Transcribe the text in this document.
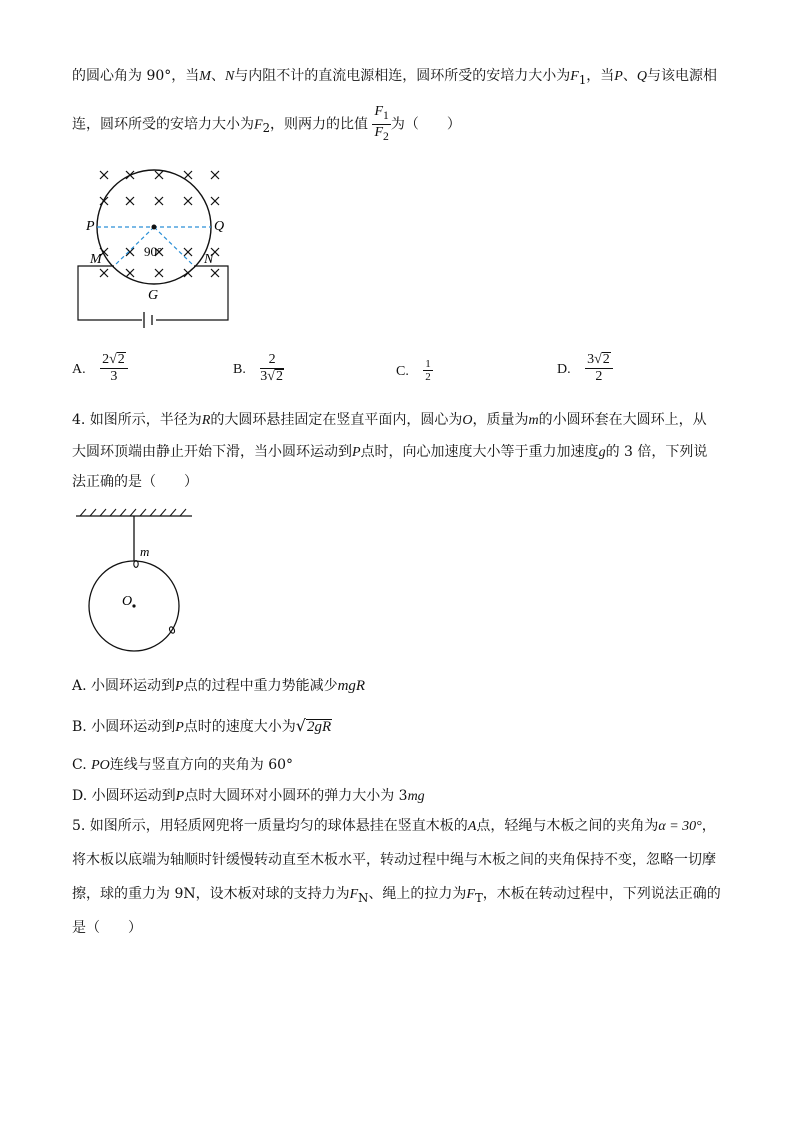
的圆心角为 90°，当M、N与内阻不计的直流电源相连，圆环所受的安培力大小为$F_1$，当P、Q与该电源相
连，圆环所受的安培力大小为$F_2$，则两力的比值 $\frac{F_1}{F_2}$ 为（　　）
P	Q
M	N
G
90°
A. $\frac{2√2}{3}$	B. $\frac{2}{3√2}$	C. $\frac{1}{2}$	D. $\frac{3√2}{2}$
4. 如图所示，半径为R的大圆环悬挂固定在竖直平面内，圆心为O，质量为m的小圆环套在大圆环上，从
大圆环顶端由静止开始下滑，当小圆环运动到P点时，向心加速度大小等于重力加速度g的 3 倍，下列说
法正确的是（　　）
m
O
A. 小圆环运动到P点的过程中重力势能减少mgR
B. 小圆环运动到P点时的速度大小为√2gR
C. PO连线与竖直方向的夹角为 60°
D. 小圆环运动到P点时大圆环对小圆环的弹力大小为 3mg
5. 如图所示，用轻质网兜将一质量均匀的球体悬挂在竖直木板的A点，轻绳与木板之间的夹角为α = 30°，
将木板以底端为轴顺时针缓慢转动直至木板水平，转动过程中绳与木板之间的夹角保持不变，忽略一切摩
擦，球的重力为 9N，设木板对球的支持力为$F_N$、绳上的拉力为$F_T$，木板在转动过程中，下列说法正确的
是（　　）
